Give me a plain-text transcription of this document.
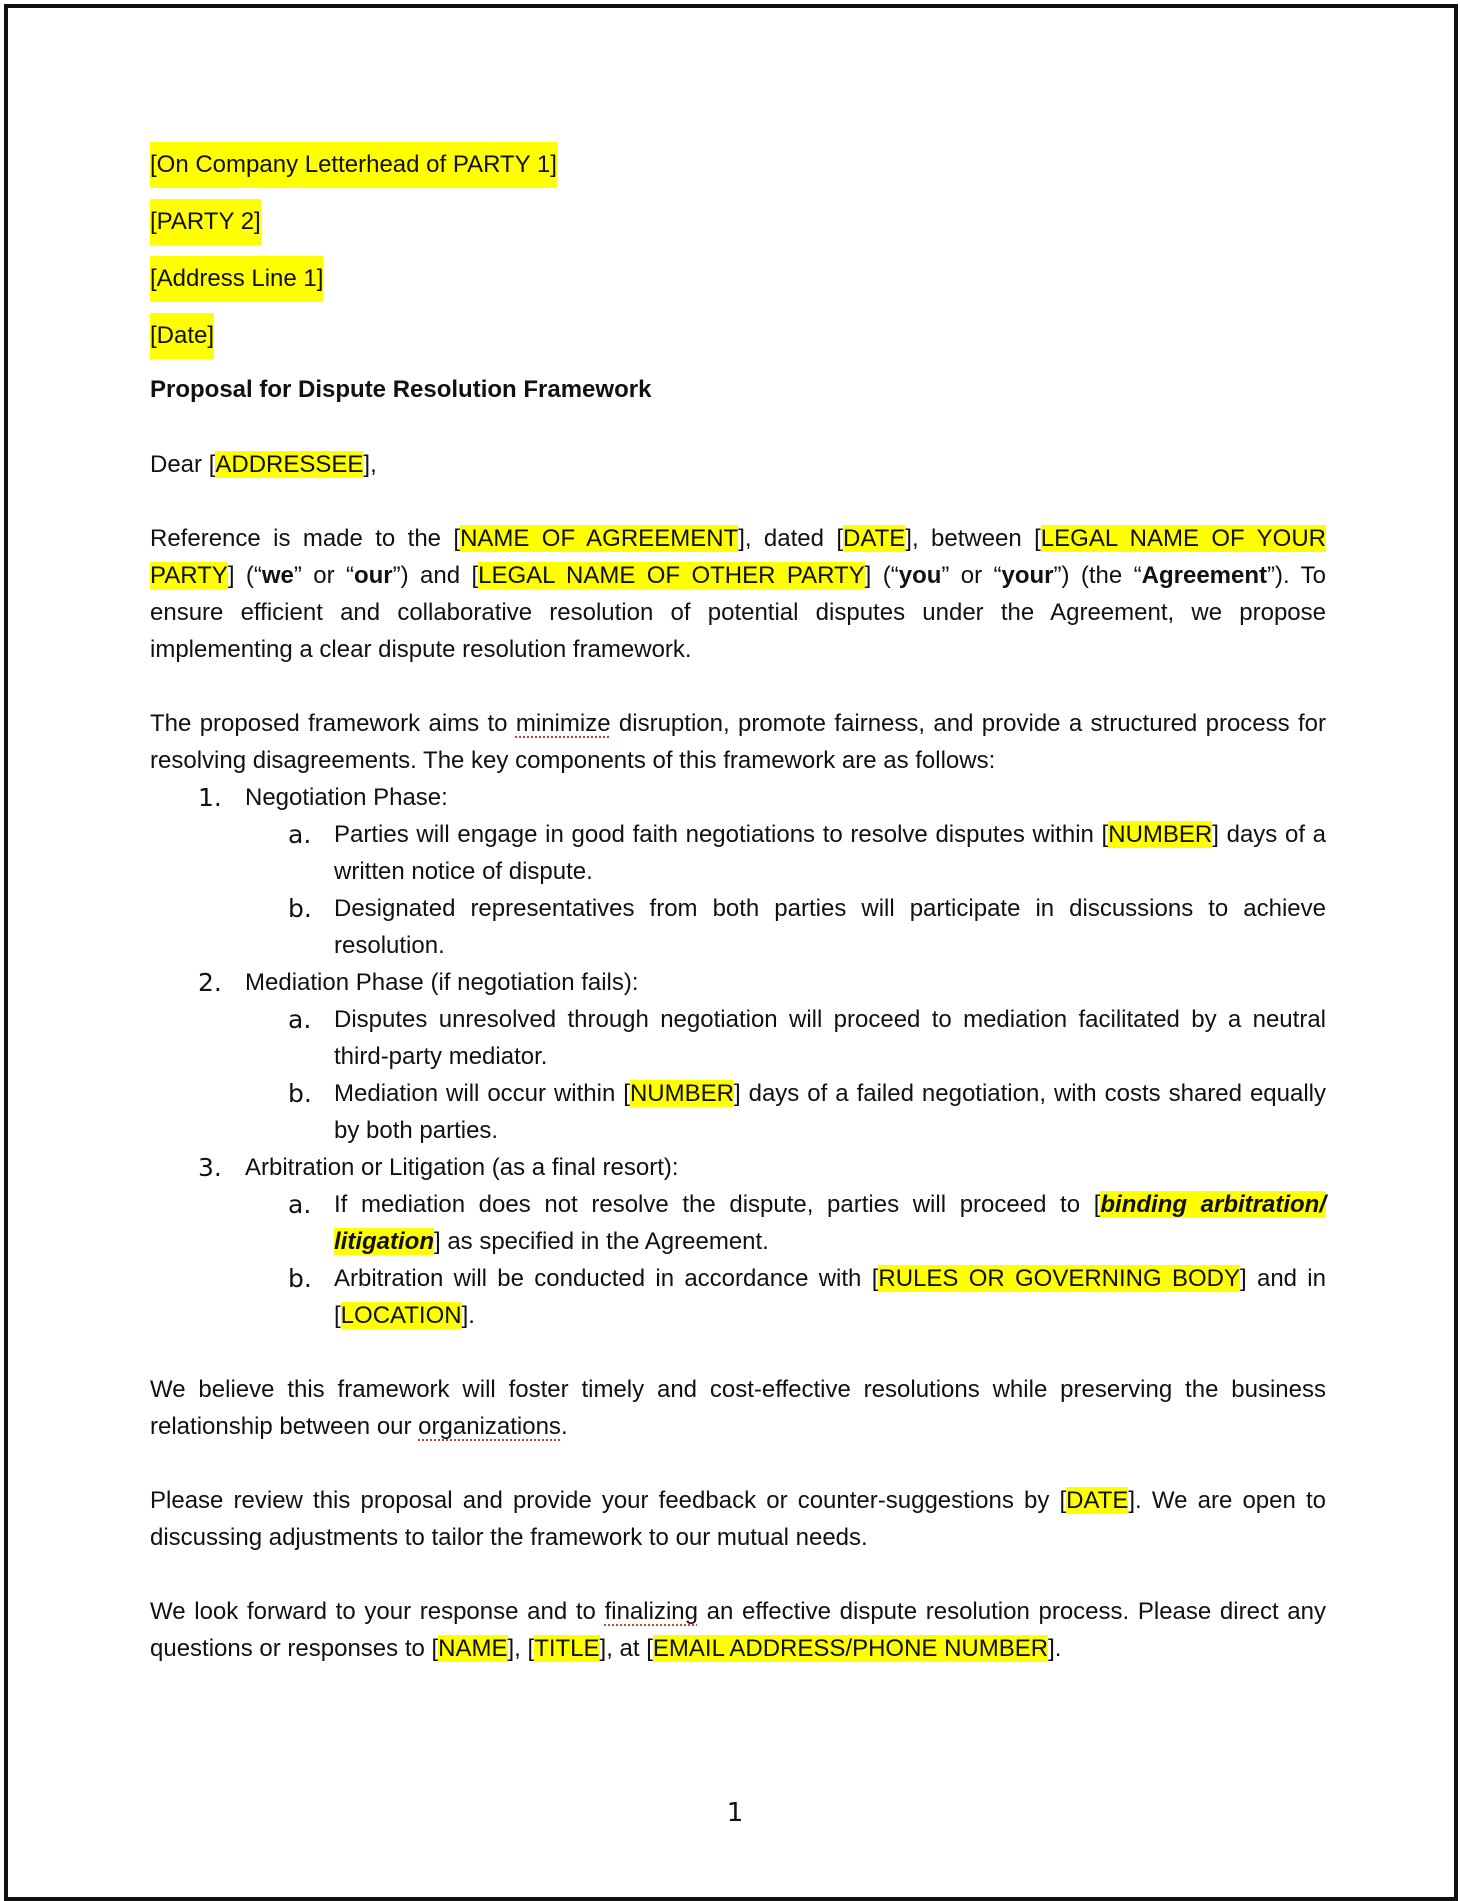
[On Company Letterhead of PARTY 1]
[PARTY 2]
[Address Line 1]
[Date]
Proposal for Dispute Resolution Framework
Dear [ADDRESSEE],

Reference is made to the [NAME OF AGREEMENT], dated [DATE], between [LEGAL NAME OF YOUR PARTY] (“we” or “our”) and [LEGAL NAME OF OTHER PARTY] (“you” or “your”) (the “Agreement”). To ensure efficient and collaborative resolution of potential disputes under the Agreement, we propose implementing a clear dispute resolution framework.

The proposed framework aims to minimize disruption, promote fairness, and provide a structured process for resolving disagreements. The key components of this framework are as follows:

1. Negotiation Phase:
a. Parties will engage in good faith negotiations to resolve disputes within [NUMBER] days of a written notice of dispute.
b. Designated representatives from both parties will participate in discussions to achieve resolution.
2. Mediation Phase (if negotiation fails):
a. Disputes unresolved through negotiation will proceed to mediation facilitated by a neutral third-party mediator.
b. Mediation will occur within [NUMBER] days of a failed negotiation, with costs shared equally by both parties.
3. Arbitration or Litigation (as a final resort):
a. If mediation does not resolve the dispute, parties will proceed to [binding arbitration/ litigation] as specified in the Agreement.
b. Arbitration will be conducted in accordance with [RULES OR GOVERNING BODY] and in [LOCATION].

We believe this framework will foster timely and cost-effective resolutions while preserving the business relationship between our organizations.

Please review this proposal and provide your feedback or counter-suggestions by [DATE]. We are open to discussing adjustments to tailor the framework to our mutual needs.

We look forward to your response and to finalizing an effective dispute resolution process. Please direct any questions or responses to [NAME], [TITLE], at [EMAIL ADDRESS/PHONE NUMBER].

1
